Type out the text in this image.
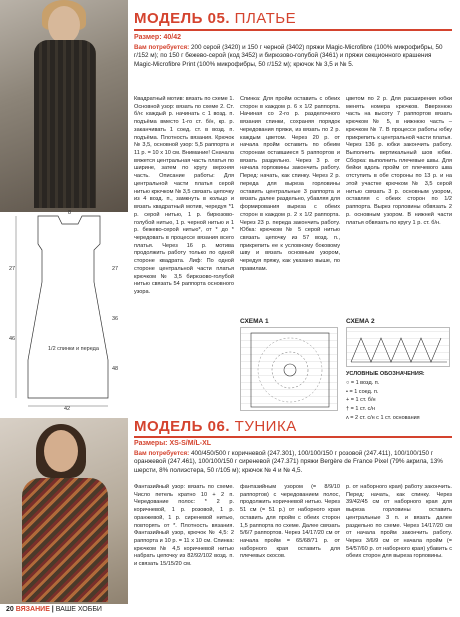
МОДЕЛЬ 05. ПЛАТЬЕ
Размер: 40/42
Вам потребуется: 200 серой (3420) и 150 г черной (3402) пряжи Magic-Microfibre (100% микрофибры, 50 г/152 м); по 150 г бежево-серой (код 3452) и бирюзово-голубой (3461) и пряжи секционного крашения Magic-Microfibre Print (100% микрофибры, 50 г/152 м); крючок № 3,5 и № 5.
Квадратный мотив: вязать по схеме 1. Основной узор: вязать по схеме 2. Ст. б/н: каждый р. начинать с 1 возд. п. подъёма вместо 1-го ст. б/н, кр. р. заканчивать 1 соед. ст. в возд. п. подъёма. Плотность вязания. Крючок № 3,5, основной узор: 5,5 раппорта и 11 р. = 10 х 10 см. Внимание! Сначала вяжется центральная часть платья по ширине, затем по кругу верхняя часть. Описание работы: Для центральной части платья серой нитью крючком № 3,5 связать цепочку из 4 возд. п., замкнуть в кольцо и вязать квадратный мотив, чередуя *1 р. серой нитью, 1 р. бирюзово-голубой нитью, 1 р. черной нитью и 1 р. бежево-серой нитью*, от * до * чередовать в процессе вязания всего платья. Через 16 р. мотива продолжить работу только по одной стороне квадрата. Лиф: По одной стороне центральной части платья крючком № 3,5 бирюзово-голубой нитью связать 54 раппорта основного узора.
Спинка: Для пройм оставить с обеих сторон в каждом р. 6 х 1/2 раппорта. Начиная со 2-го р. разделочного вязания спинки, сохраняя порядок чередования пряжи, из вязать по 2 р. каждым цветом. Через 20 р. от начала пройм оставить по обеим сторонам оставшиеся 5 раппортов и вязать раздельно. Через 3 р. от начала горловины закончить работу. Перед: начать, как спинку. Через 2 р. переда для выреза горловины оставить центральные 3 раппорта и вязать далее раздельно, убавляя для формирования выреза с обеих сторон в каждом р. 2 х 1/2 раппорта. Через 23 р. переда закончить работу. Юбка: крючком № 5 серой нитью связать цепочку из 57 возд. п., прикрепить ее к условному боковому шву и вязать основным узором, чередуя пряжу, как указано выше, по правилам.
цветом по 2 р. Для расширения юбки менять номера крючков. Вверхнюю часть на высоту 7 раппортов вязать крючком № 5, в нижнюю часть – крючком № 7. В процессе работы юбку прикрепить к центральной части платья. Через 136 р. юбки закончить работу. Выполнить вертикальный шов юбки. Сборка: выполнить плечевые швы. Для бейки вдоль пройм от плечевого шва отступить в обе стороны по 13 р. и на этой участке крючком № 3,5 серой нитью связать 3 р. основным узором, оставляя с обеих сторон по 1/2 раппорта. Вырез горловины обвязать 2 р. основным узором. В нижней части платья обвязать по кругу 1 р. ст. б/н.
8
27
46
27
36
48
42
1/2 спинки и переда
СХЕМА 1	СХЕМА 2
УСЛОВНЫЕ ОБОЗНАЧЕНИЯ:
○ = 1 возд. п.
• = 1 соед. п.
+ = 1 ст. б/н
† = 1 ст. с/н
ᴧ = 2 ст. с/н с 1 ст. основания
МОДЕЛЬ 06. ТУНИКА
Размеры: XS-S/M/L-XL
Вам потребуется: 400/450/500 г коричневой (247.301), 100/100/150 г розовой (247.411), 100/100/150 г оранжевой (247.461), 100/100/150 г сиреневой (247.371) пряжи Bergère de France Pixel (79% акрила, 13% шерсти, 8% полиэстера, 50 г/105 м); крючок № 4 и № 4,5.
Фантазийный узор: вязать по схеме. Число петель кратно 10 + 2 п. Чередование полос: * 2 р. коричневой, 1 р. розовой, 1 р. оранжевой, 1 р. сиреневой нитью, повторять от *. Плотность вязания. Фантазийный узор, крючок № 4,5: 2 раппорта и 10 р. = 11 х 10 см. Спинка: крючком № 4,5 коричневой нитью набрать цепочку из 82/92/102 возд. п. и связать 15/15/20 см.
фантазийным узором (= 8/9/10 раппортов) с чередованием полос, продолжить коричневой нитью. Через 51 см (= 51 р.) от наборного края оставить для пройм с обеих сторон 1,5 раппорта по схеме. Далее связать 5/6/7 раппортов. Через 14/17/20 см от начала пройм = 65/68/71 р. от наборного края оставить для плечевых скосов.
р. от наборного края) работу закончить. Перед: начать, как спинку. Через 39/42/45 см от наборного края для выреза горловины оставить центральные 3 п. и вязать далее раздельно по схеме. Через 14/17/20 см от начала пройм закончить работу. Через 3/6/9 см от начала пройм (= 54/57/60 р. от наборного края) убавить с обеих сторон для выреза горловины.
20 ВЯЗАНИЕ | ВАШЕ ХОББИ
